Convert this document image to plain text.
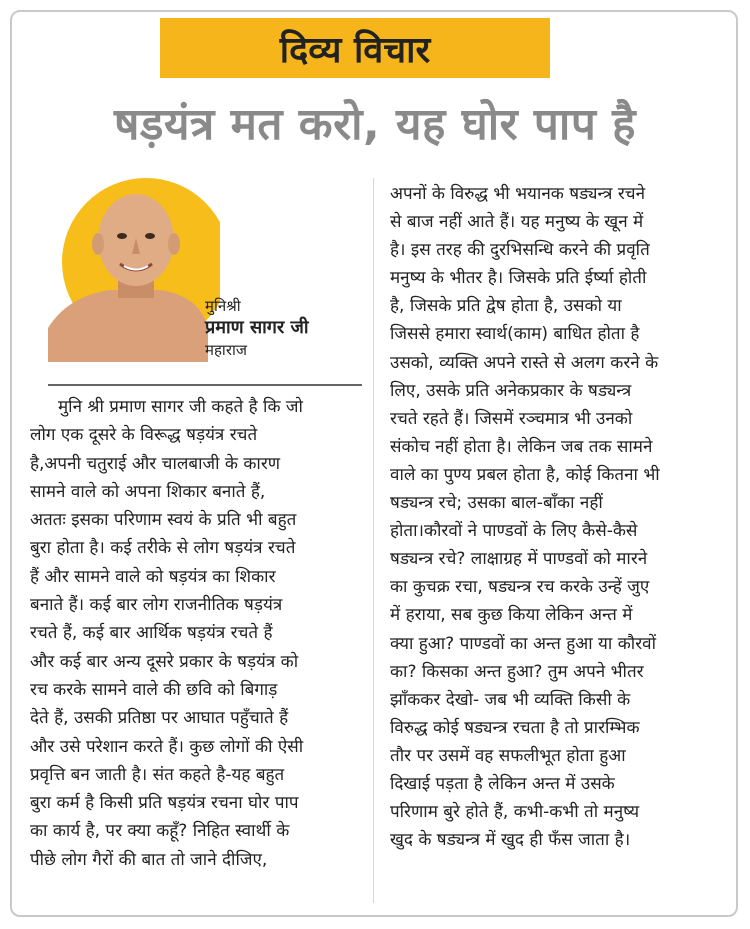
दिव्य विचार
षड़यंत्र मत करो, यह घोर पाप है
मुनिश्री
प्रमाण सागर जी
महाराज
मुनि श्री प्रमाण सागर जी कहते है कि जो
लोग एक दूसरे के विरूद्ध षड़यंत्र रचते
है,अपनी चतुराई और चालबाजी के कारण
सामने वाले को अपना शिकार बनाते हैं,
अततः इसका परिणाम स्वयं के प्रति भी बहुत
बुरा होता है। कई तरीके से लोग षड़यंत्र रचते
हैं और सामने वाले को षड़यंत्र का शिकार
बनाते हैं। कई बार लोग राजनीतिक षड़यंत्र
रचते हैं, कई बार आर्थिक षड़यंत्र रचते हैं
और कई बार अन्य दूसरे प्रकार के षड़यंत्र को
रच करके सामने वाले की छवि को बिगाड़
देते हैं, उसकी प्रतिष्ठा पर आघात पहुँचाते हैं
और उसे परेशान करते हैं। कुछ लोगों की ऐसी
प्रवृत्ति बन जाती है। संत कहते है-यह बहुत
बुरा कर्म है किसी प्रति षड़यंत्र रचना घोर पाप
का कार्य है, पर क्या कहूँ? निहित स्वार्थी के
पीछे लोग गैरों की बात तो जाने दीजिए,
अपनों के विरुद्ध भी भयानक षड्यन्त्र रचने
से बाज नहीं आते हैं। यह मनुष्य के खून में
है। इस तरह की दुरभिसन्धि करने की प्रवृति
मनुष्य के भीतर है। जिसके प्रति ईर्ष्या होती
है, जिसके प्रति द्वेष होता है, उसको या
जिससे हमारा स्वार्थ(काम) बाधित होता है
उसको, व्यक्ति अपने रास्ते से अलग करने के
लिए, उसके प्रति अनेकप्रकार के षड्यन्त्र
रचते रहते हैं। जिसमें रञ्चमात्र भी उनको
संकोच नहीं होता है। लेकिन जब तक सामने
वाले का पुण्य प्रबल होता है, कोई कितना भी
षड्यन्त्र रचे; उसका बाल-बाँका नहीं
होता।कौरवों ने पाण्डवों के लिए कैसे-कैसे
षड्यन्त्र रचे? लाक्षाग्रह में पाण्डवों को मारने
का कुचक्र रचा, षड्यन्त्र रच करके उन्हें जुए
में हराया, सब कुछ किया लेकिन अन्त में
क्या हुआ? पाण्डवों का अन्त हुआ या कौरवों
का? किसका अन्त हुआ? तुम अपने भीतर
झाँककर देखो- जब भी व्यक्ति किसी के
विरुद्ध कोई षड्यन्त्र रचता है तो प्रारम्भिक
तौर पर उसमें वह सफलीभूत होता हुआ
दिखाई पड़ता है लेकिन अन्त में उसके
परिणाम बुरे होते हैं, कभी-कभी तो मनुष्य
खुद के षड्यन्त्र में खुद ही फँस जाता है।
